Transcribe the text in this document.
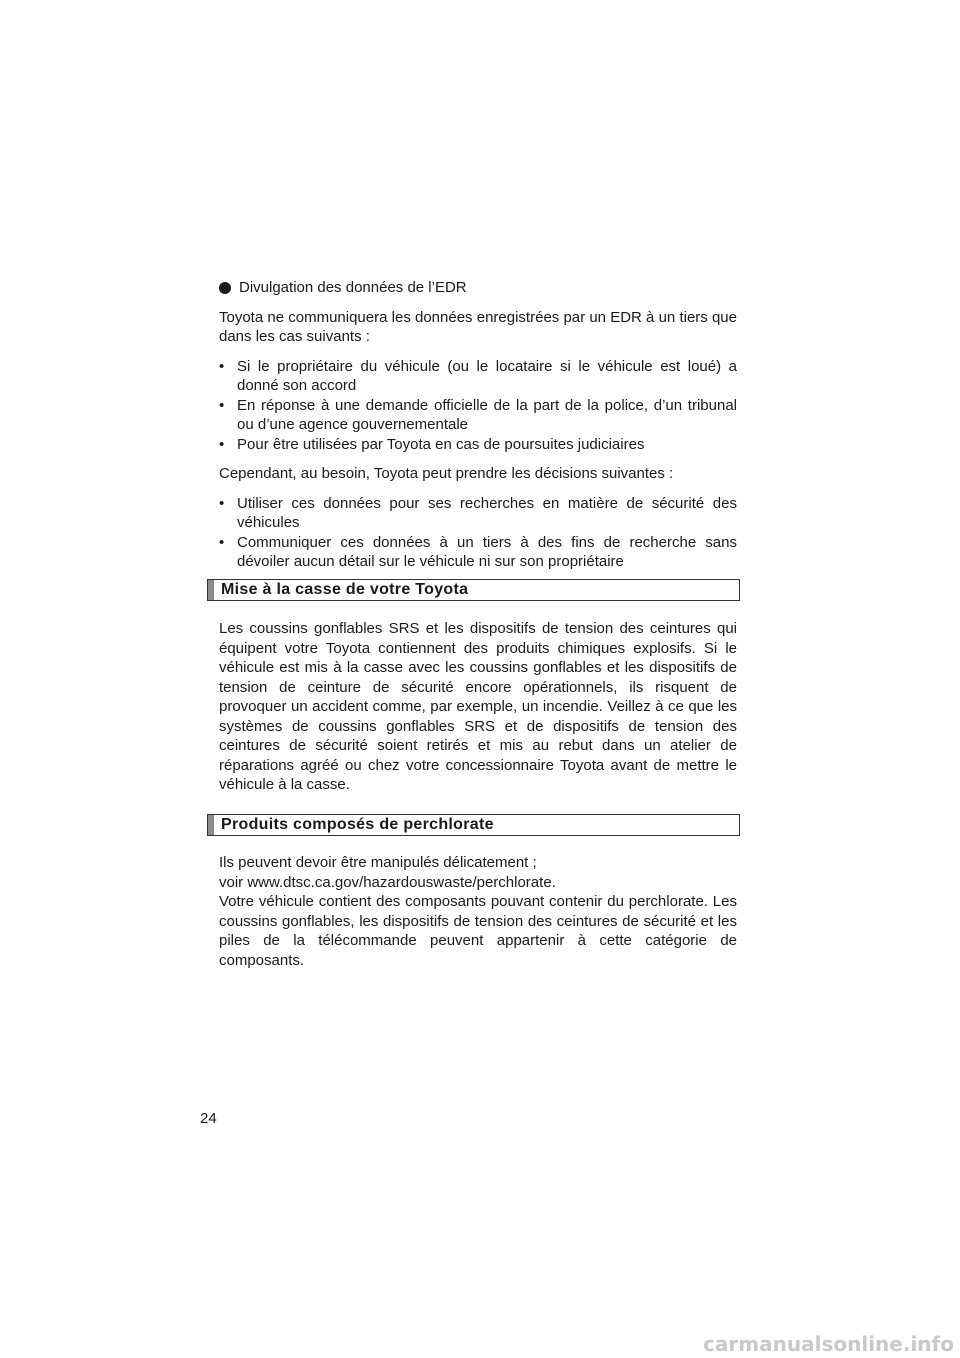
Divulgation des données de l’EDR

Toyota ne communiquera les données enregistrées par un EDR à un tiers que dans les cas suivants :

• Si le propriétaire du véhicule (ou le locataire si le véhicule est loué) a donné son accord
• En réponse à une demande officielle de la part de la police, d’un tribunal ou d’une agence gouvernementale
• Pour être utilisées par Toyota en cas de poursuites judiciaires

Cependant, au besoin, Toyota peut prendre les décisions suivantes :

• Utiliser ces données pour ses recherches en matière de sécurité des véhicules
• Communiquer ces données à un tiers à des fins de recherche sans dévoiler aucun détail sur le véhicule ni sur son propriétaire
Mise à la casse de votre Toyota

Les coussins gonflables SRS et les dispositifs de tension des ceintures qui équipent votre Toyota contiennent des produits chimiques explosifs. Si le véhicule est mis à la casse avec les coussins gonflables et les dispositifs de tension de ceinture de sécurité encore opérationnels, ils risquent de provoquer un accident comme, par exemple, un incendie. Veillez à ce que les systèmes de coussins gonflables SRS et de dispositifs de tension des ceintures de sécurité soient retirés et mis au rebut dans un atelier de réparations agréé ou chez votre concessionnaire Toyota avant de mettre le véhicule à la casse.

Produits composés de perchlorate

Ils peuvent devoir être manipulés délicatement ;

voir www.dtsc.ca.gov/hazardouswaste/perchlorate.

Votre véhicule contient des composants pouvant contenir du perchlorate. Les coussins gonflables, les dispositifs de tension des ceintures de sécurité et les piles de la télécommande peuvent appartenir à cette catégorie de composants.

24
carmanualsonline.info
